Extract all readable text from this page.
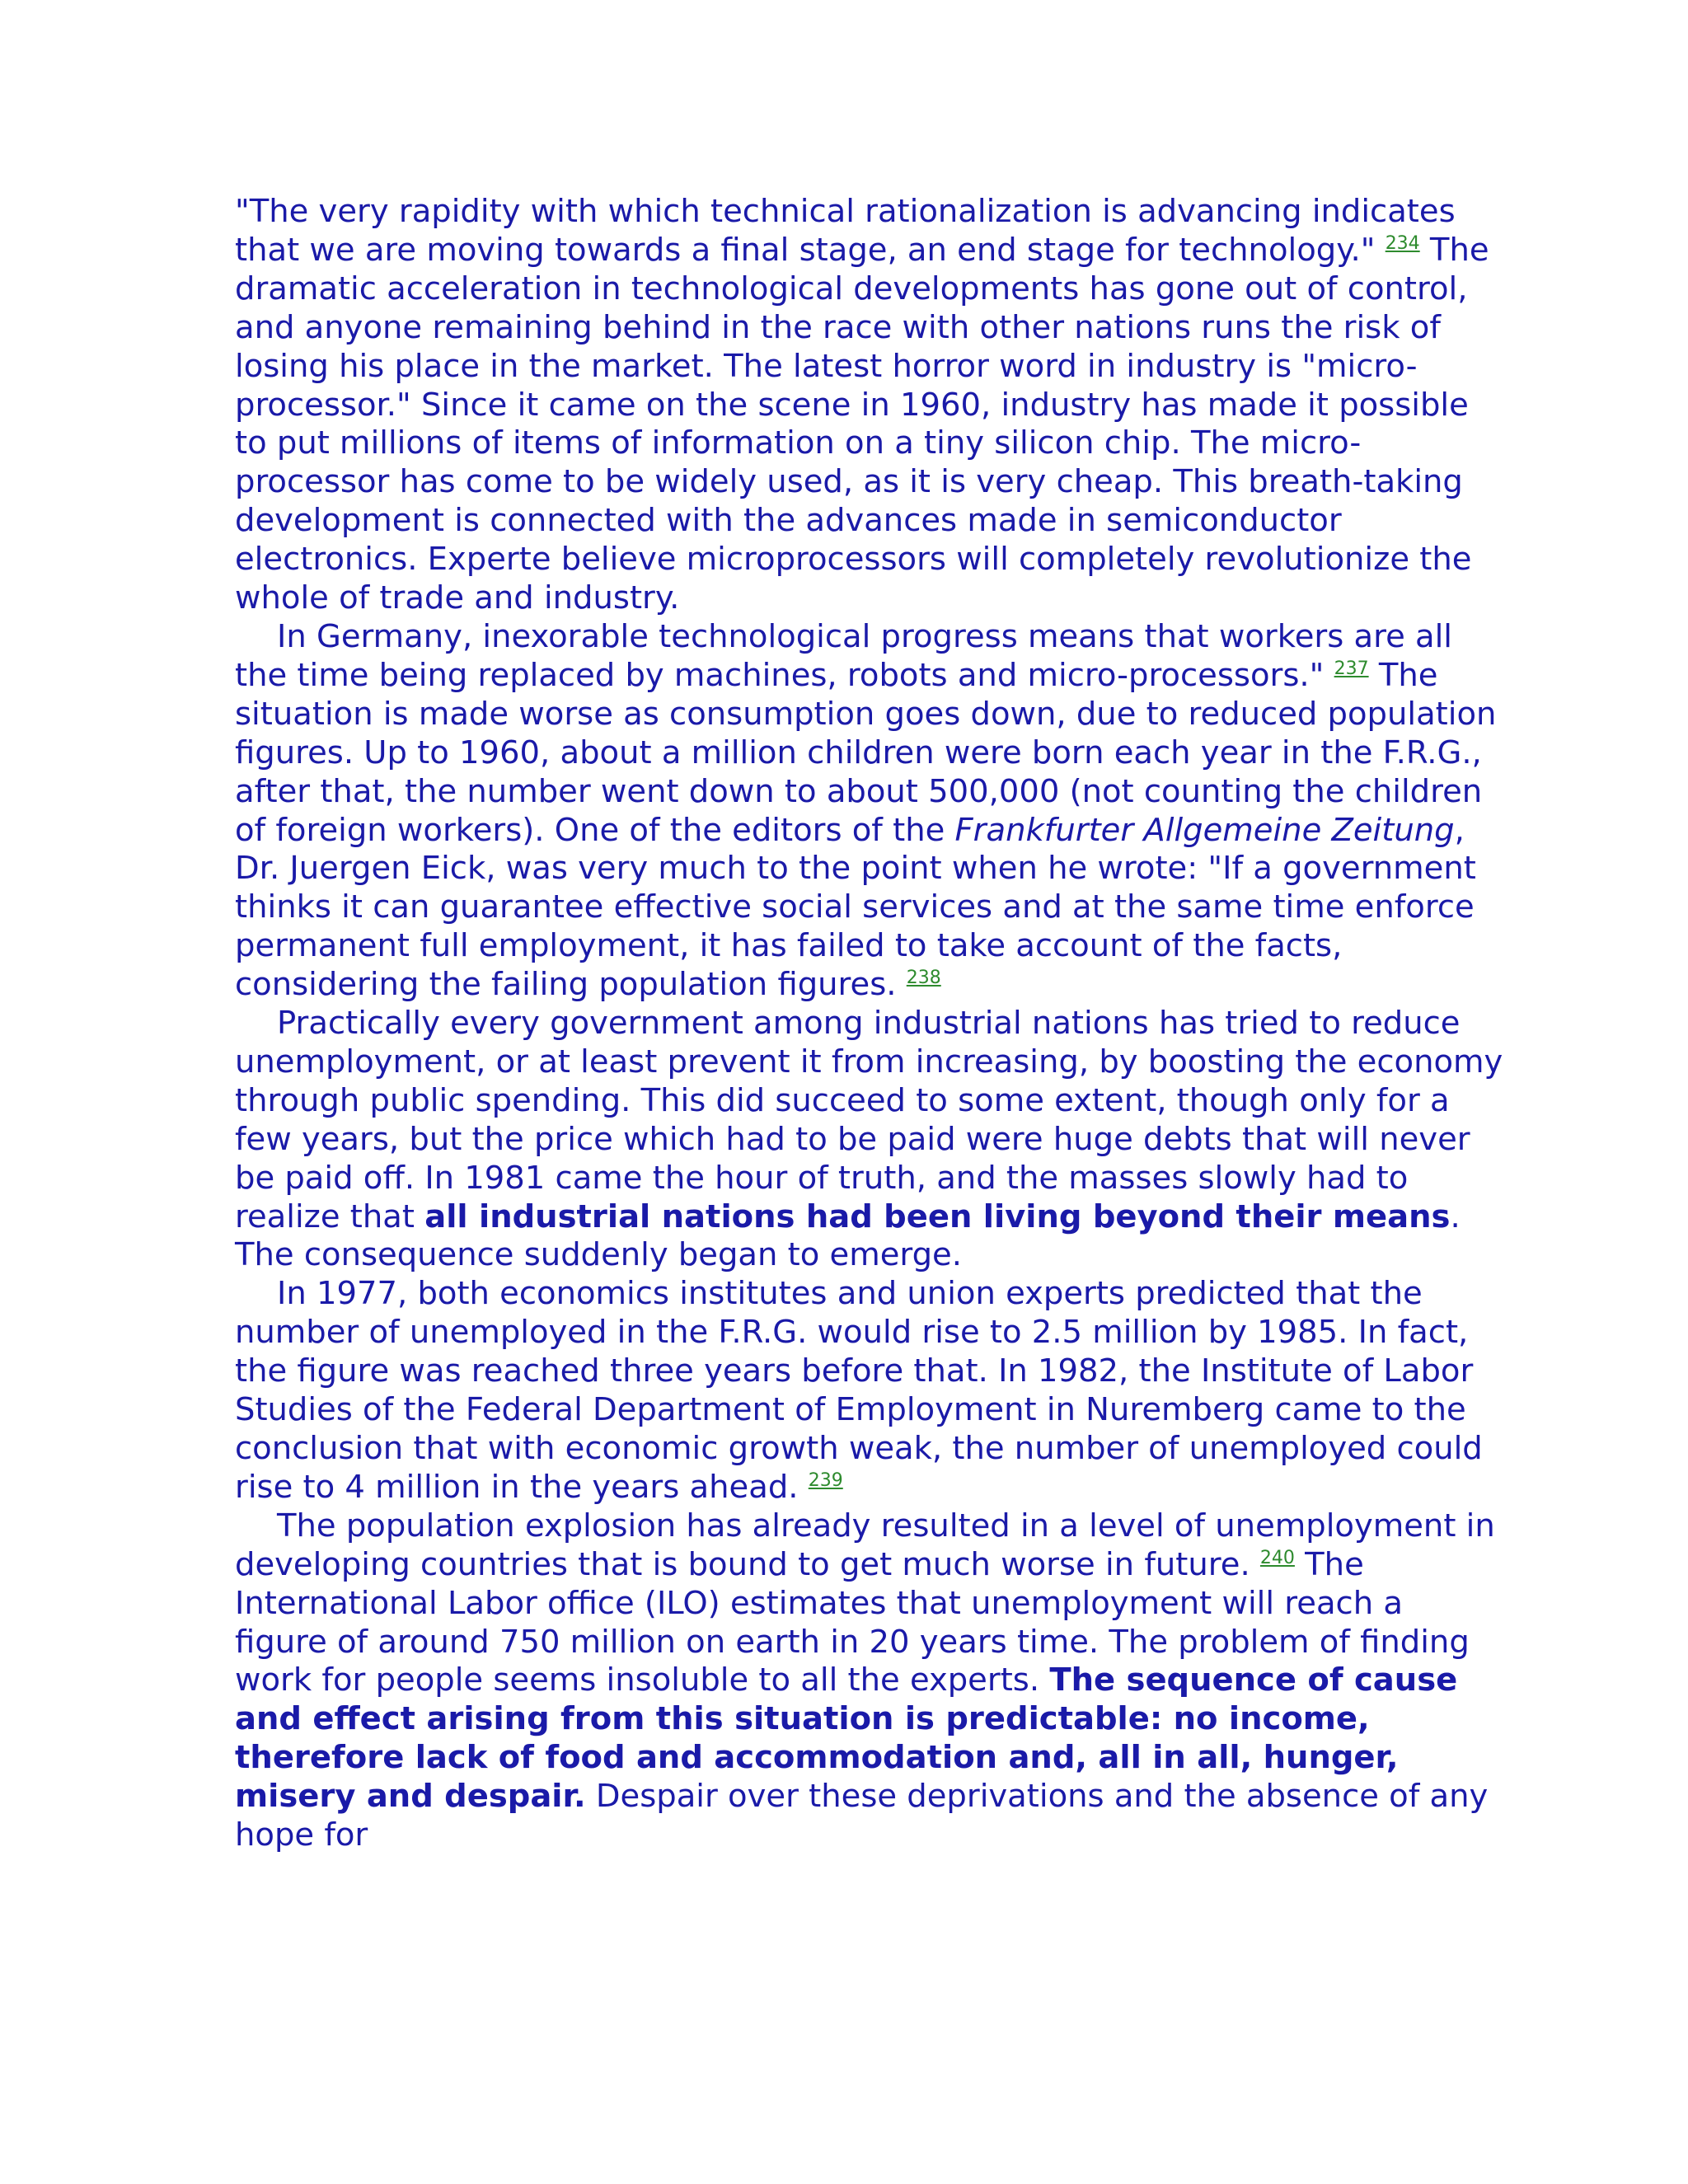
"The very rapidity with which technical rationalization is advancing indicates that we are moving towards a final stage, an end stage for technology." $^{234}$ The dramatic acceleration in technological developments has gone out of control, and anyone remaining behind in the race with other nations runs the risk of losing his place in the market. The latest horror word in industry is "micro-processor." Since it came on the scene in 1960, industry has made it possible to put millions of items of information on a tiny silicon chip. The micro-processor has come to be widely used, as it is very cheap. This breath-taking development is connected with the advances made in semiconductor electronics. Experte believe microprocessors will completely revolutionize the whole of trade and industry.

In Germany, inexorable technological progress means that workers are all the time being replaced by machines, robots and micro-processors." $^{237}$ The situation is made worse as consumption goes down, due to reduced population figures. Up to 1960, about a million children were born each year in the F.R.G., after that, the number went down to about 500,000 (not counting the children of foreign workers). One of the editors of the Frankfurter Allgemeine Zeitung, Dr. Juergen Eick, was very much to the point when he wrote: "If a government thinks it can guarantee effective social services and at the same time enforce permanent full employment, it has failed to take account of the facts, considering the failing population figures. $^{238}$

Practically every government among industrial nations has tried to reduce unemployment, or at least prevent it from increasing, by boosting the economy through public spending. This did succeed to some extent, though only for a few years, but the price which had to be paid were huge debts that will never be paid off. In 1981 came the hour of truth, and the masses slowly had to realize that all industrial nations had been living beyond their means. The consequence suddenly began to emerge.

In 1977, both economics institutes and union experts predicted that the number of unemployed in the F.R.G. would rise to 2.5 million by 1985. In fact, the figure was reached three years before that. In 1982, the Institute of Labor Studies of the Federal Department of Employment in Nuremberg came to the conclusion that with economic growth weak, the number of unemployed could rise to 4 million in the years ahead. $^{239}$

The population explosion has already resulted in a level of unemployment in developing countries that is bound to get much worse in future. $^{240}$ The International Labor office (ILO) estimates that unemployment will reach a figure of around 750 million on earth in 20 years time. The problem of finding work for people seems insoluble to all the experts. The sequence of cause and effect arising from this situation is predictable: no income, therefore lack of food and accommodation and, all in all, hunger, misery and despair. Despair over these deprivations and the absence of any hope for
